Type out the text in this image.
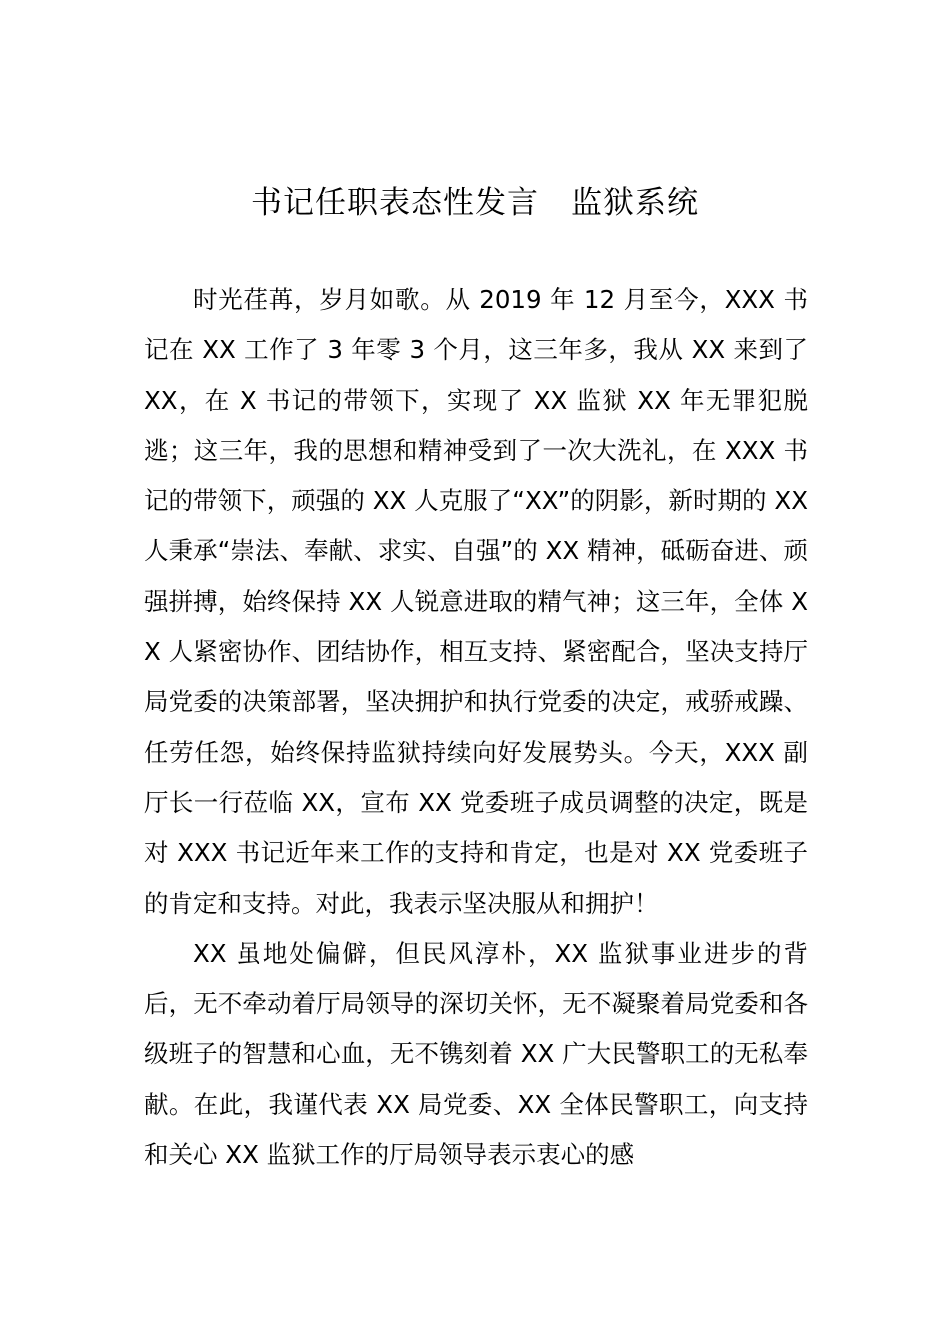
书记任职表态性发言　监狱系统

时光荏苒，岁月如歌。从 2019 年 12 月至今，XXX 书记在 XX 工作了 3 年零 3 个月，这三年多，我从 XX 来到了 XX，在 X 书记的带领下，实现了 XX 监狱 XX 年无罪犯脱逃；这三年，我的思想和精神受到了一次大洗礼，在 XXX 书记的带领下，顽强的 XX 人克服了“XX”的阴影，新时期的 XX 人秉承“崇法、奉献、求实、自强”的 XX 精神，砥砺奋进、顽强拼搏，始终保持 XX 人锐意进取的精气神；这三年，全体 XX 人紧密协作、团结协作，相互支持、紧密配合，坚决支持厅局党委的决策部署，坚决拥护和执行党委的决定，戒骄戒躁、任劳任怨，始终保持监狱持续向好发展势头。今天，XXX 副厅长一行莅临 XX，宣布 XX 党委班子成员调整的决定，既是对 XXX 书记近年来工作的支持和肯定，也是对 XX 党委班子的肯定和支持。对此，我表示坚决服从和拥护！

XX 虽地处偏僻，但民风淳朴，XX 监狱事业进步的背后，无不牵动着厅局领导的深切关怀，无不凝聚着局党委和各级班子的智慧和心血，无不镌刻着 XX 广大民警职工的无私奉献。在此，我谨代表 XX 局党委、XX 全体民警职工，向支持和关心 XX 监狱工作的厅局领导表示衷心的感
